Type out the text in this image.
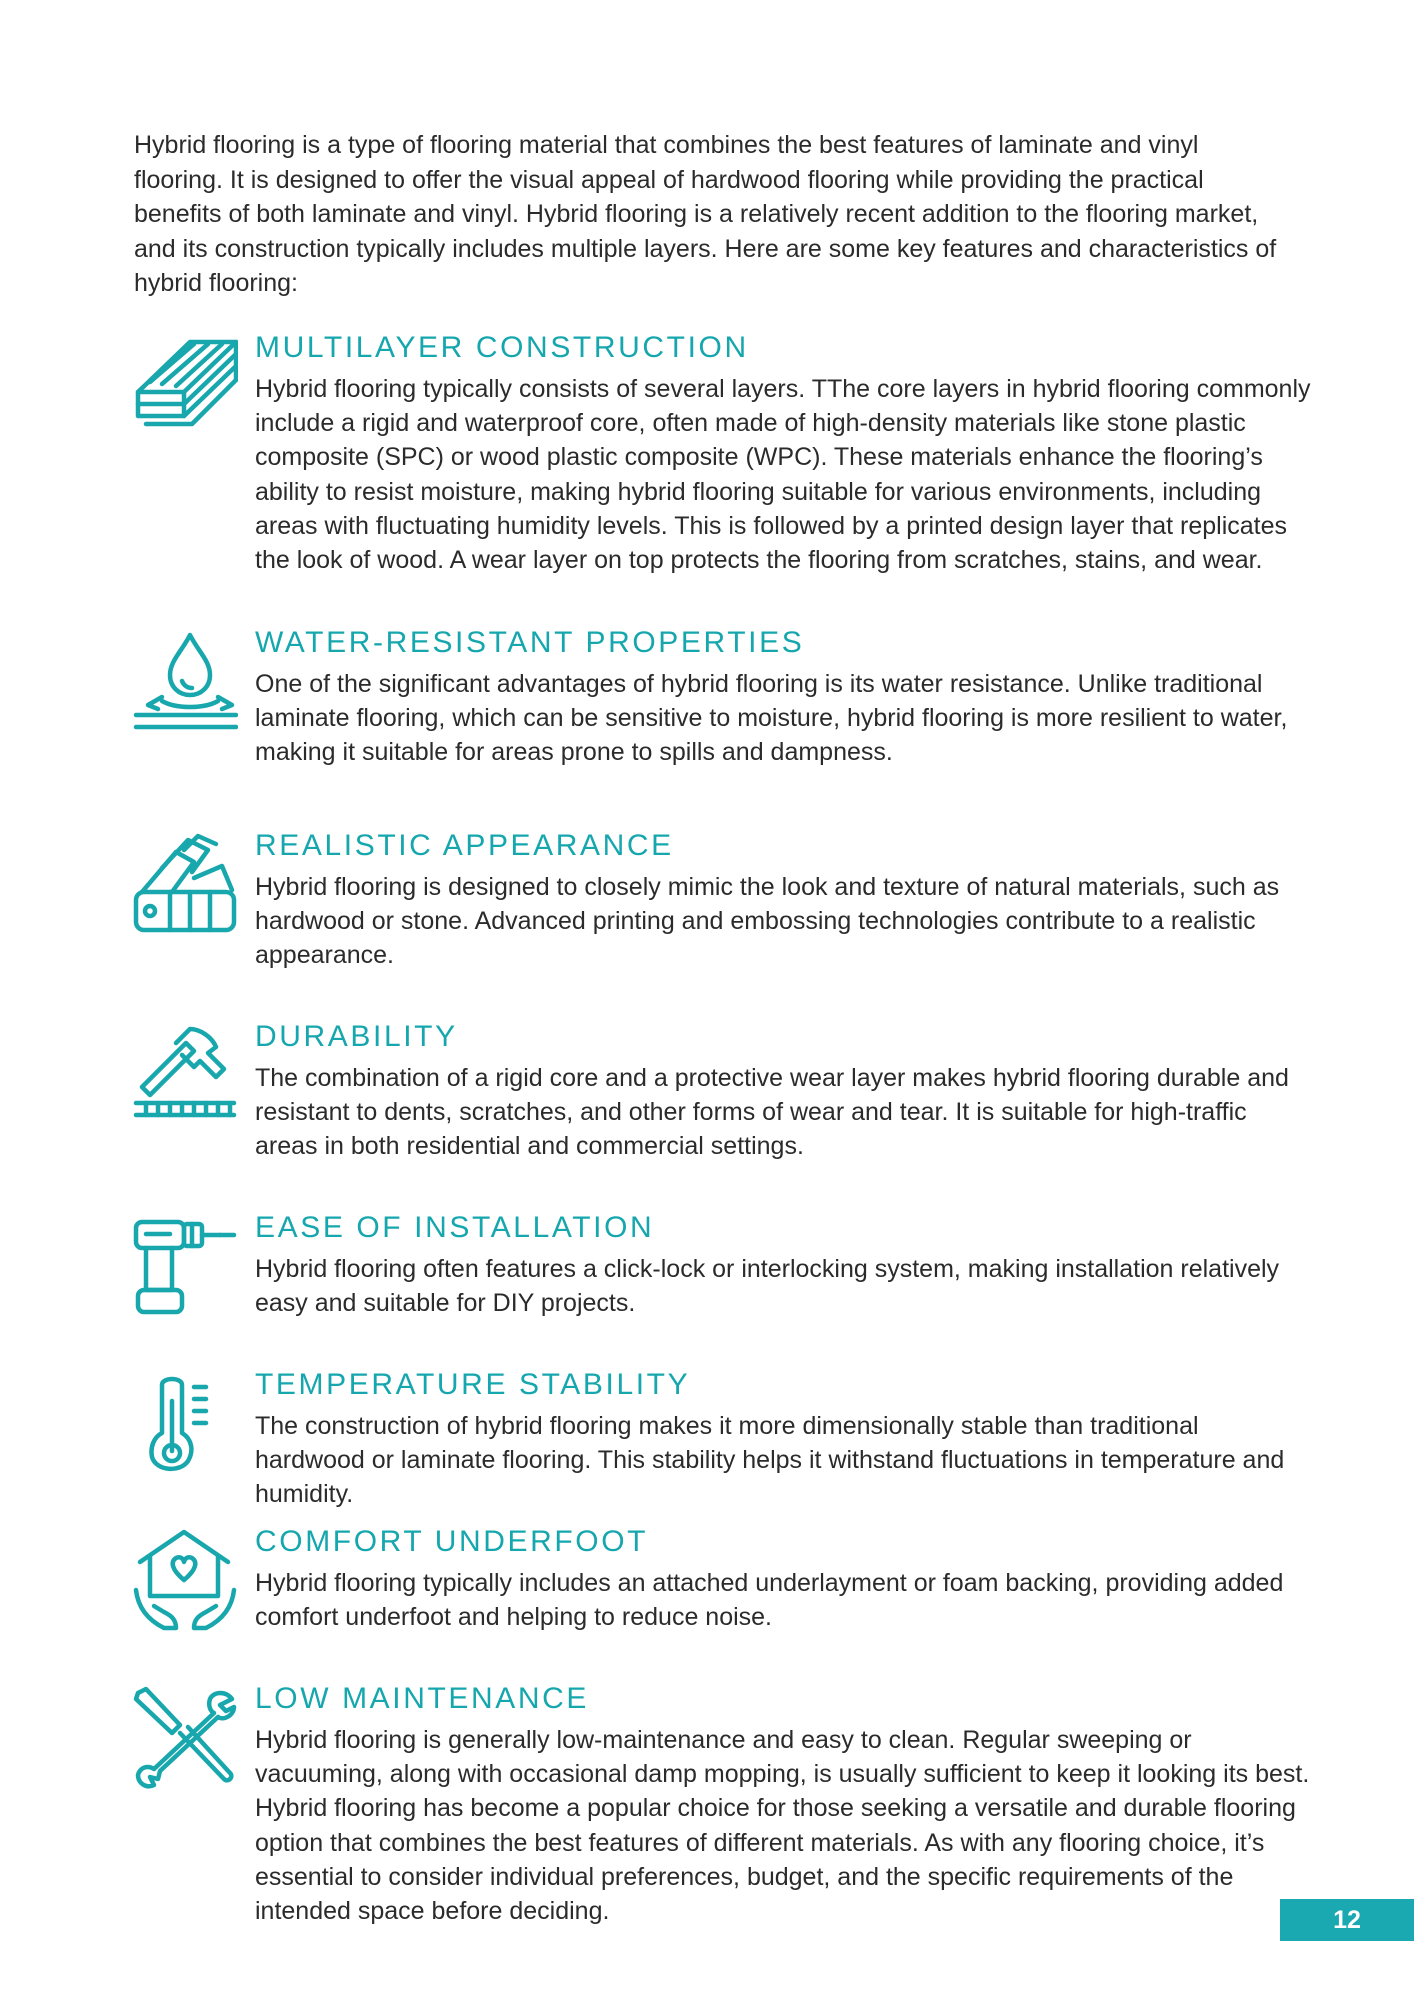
Hybrid flooring is a type of flooring material that combines the best features of laminate and vinyl flooring. It is designed to offer the visual appeal of hardwood flooring while providing the practical benefits of both laminate and vinyl. Hybrid flooring is a relatively recent addition to the flooring market, and its construction typically includes multiple layers. Here are some key features and characteristics of hybrid flooring:

MULTILAYER CONSTRUCTION

Hybrid flooring typically consists of several layers. TThe core layers in hybrid flooring commonly include a rigid and waterproof core, often made of high-density materials like stone plastic composite (SPC) or wood plastic composite (WPC). These materials enhance the flooring’s ability to resist moisture, making hybrid flooring suitable for various environments, including areas with fluctuating humidity levels. This is followed by a printed design layer that replicates the look of wood. A wear layer on top protects the flooring from scratches, stains, and wear.

WATER-RESISTANT PROPERTIES

One of the significant advantages of hybrid flooring is its water resistance. Unlike traditional laminate flooring, which can be sensitive to moisture, hybrid flooring is more resilient to water, making it suitable for areas prone to spills and dampness.

REALISTIC APPEARANCE

Hybrid flooring is designed to closely mimic the look and texture of natural materials, such as hardwood or stone. Advanced printing and embossing technologies contribute to a realistic appearance.

DURABILITY

The combination of a rigid core and a protective wear layer makes hybrid flooring durable and resistant to dents, scratches, and other forms of wear and tear. It is suitable for high-traffic areas in both residential and commercial settings.

EASE OF INSTALLATION

Hybrid flooring often features a click-lock or interlocking system, making installation relatively easy and suitable for DIY projects.

TEMPERATURE STABILITY

The construction of hybrid flooring makes it more dimensionally stable than traditional hardwood or laminate flooring. This stability helps it withstand fluctuations in temperature and humidity.

COMFORT UNDERFOOT

Hybrid flooring typically includes an attached underlayment or foam backing, providing added comfort underfoot and helping to reduce noise.

LOW MAINTENANCE

Hybrid flooring is generally low-maintenance and easy to clean. Regular sweeping or vacuuming, along with occasional damp mopping, is usually sufficient to keep it looking its best. Hybrid flooring has become a popular choice for those seeking a versatile and durable flooring option that combines the best features of different materials. As with any flooring choice, it’s essential to consider individual preferences, budget, and the specific requirements of the intended space before deciding.	12
